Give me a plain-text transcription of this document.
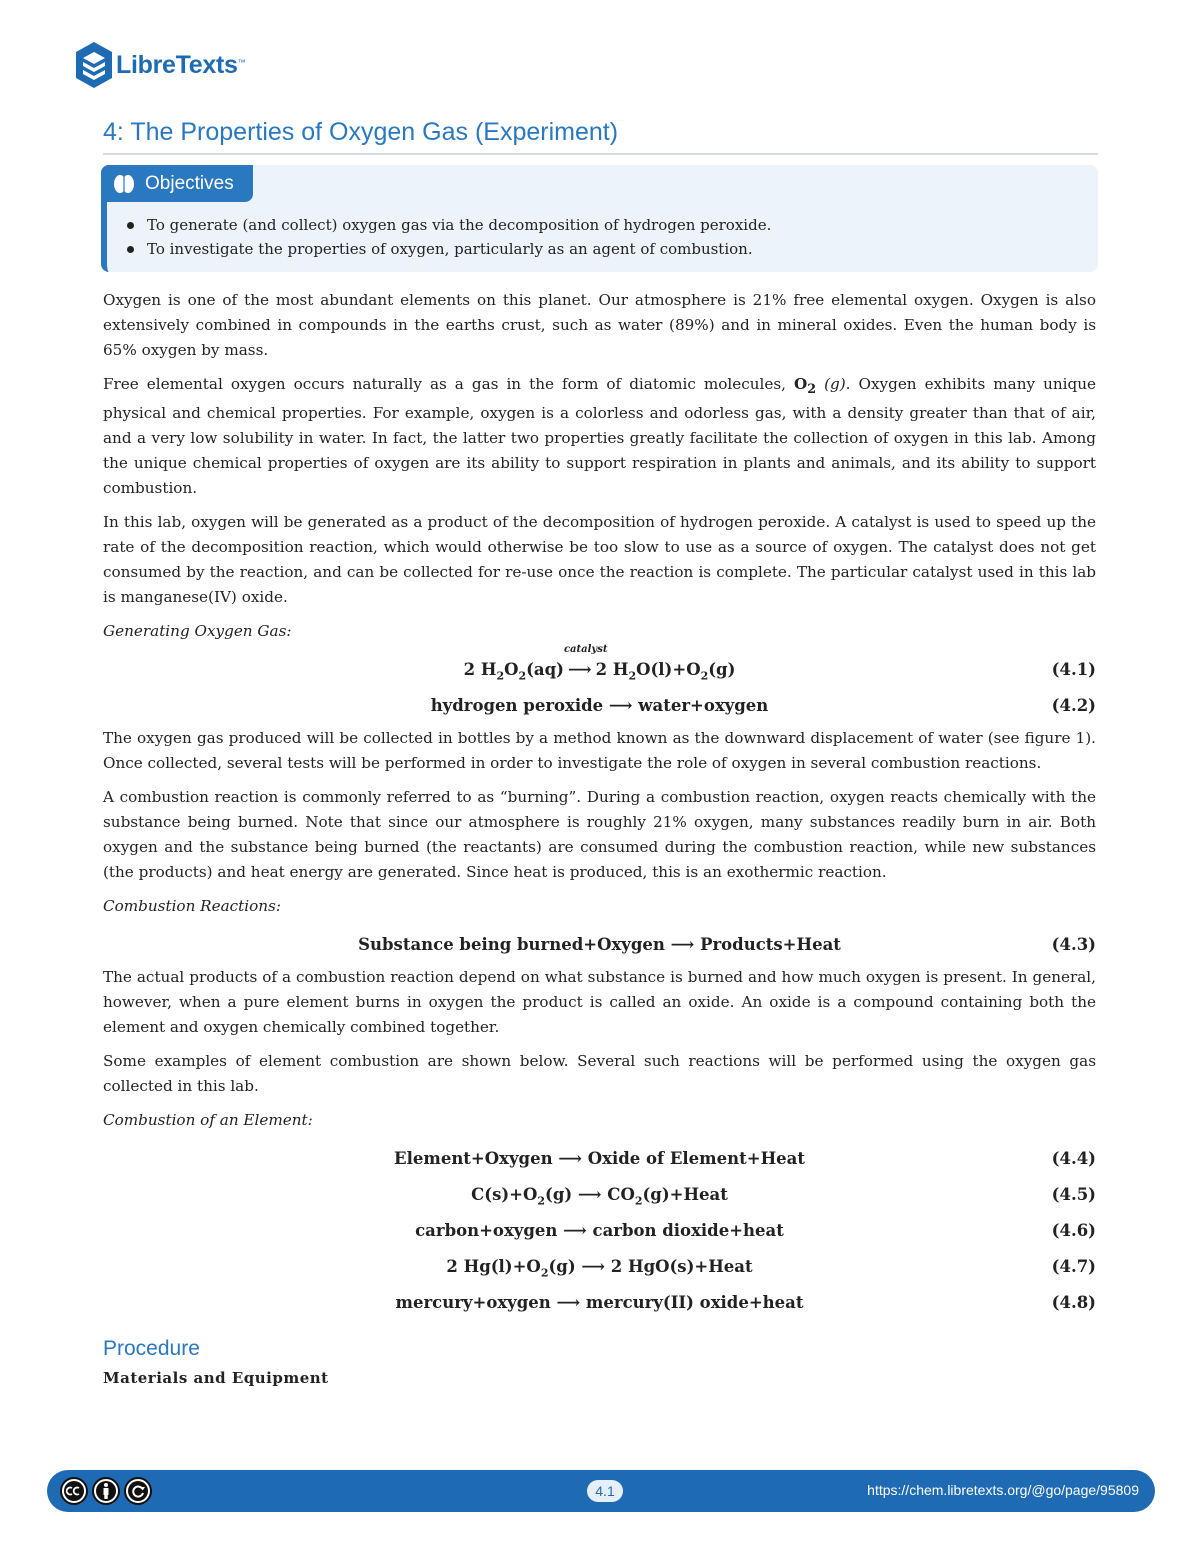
LibreTexts ™
4: The Properties of Oxygen Gas (Experiment)
Objectives
To generate (and collect) oxygen gas via the decomposition of hydrogen peroxide.
To investigate the properties of oxygen, particularly as an agent of combustion.

Oxygen is one of the most abundant elements on this planet. Our atmosphere is 21% free elemental oxygen. Oxygen is also extensively combined in compounds in the earths crust, such as water (89%) and in mineral oxides. Even the human body is 65% oxygen by mass.

Free elemental oxygen occurs naturally as a gas in the form of diatomic molecules, $O_2$ (g). Oxygen exhibits many unique physical and chemical properties. For example, oxygen is a colorless and odorless gas, with a density greater than that of air, and a very low solubility in water. In fact, the latter two properties greatly facilitate the collection of oxygen in this lab. Among the unique chemical properties of oxygen are its ability to support respiration in plants and animals, and its ability to support combustion.

In this lab, oxygen will be generated as a product of the decomposition of hydrogen peroxide. A catalyst is used to speed up the rate of the decomposition reaction, which would otherwise be too slow to use as a source of oxygen. The catalyst does not get consumed by the reaction, and can be collected for re-use once the reaction is complete. The particular catalyst used in this lab is manganese(IV) oxide.

Generating Oxygen Gas:

2 $H_2O_2(aq)$
catalyst
⟶ 2 $H_2O(l)+O_2(g)$	(4.1)
hydrogen peroxide ⟶ water+oxygen	(4.2)

The oxygen gas produced will be collected in bottles by a method known as the downward displacement of water (see figure 1). Once collected, several tests will be performed in order to investigate the role of oxygen in several combustion reactions.

A combustion reaction is commonly referred to as “burning”. During a combustion reaction, oxygen reacts chemically with the substance being burned. Note that since our atmosphere is roughly 21% oxygen, many substances readily burn in air. Both oxygen and the substance being burned (the reactants) are consumed during the combustion reaction, while new substances (the products) and heat energy are generated. Since heat is produced, this is an exothermic reaction.

Combustion Reactions:

Substance being burned+Oxygen ⟶ Products+Heat	(4.3)

The actual products of a combustion reaction depend on what substance is burned and how much oxygen is present. In general, however, when a pure element burns in oxygen the product is called an oxide. An oxide is a compound containing both the element and oxygen chemically combined together.

Some examples of element combustion are shown below. Several such reactions will be performed using the oxygen gas collected in this lab.

Combustion of an Element:

Element+Oxygen ⟶ Oxide of Element+Heat	(4.4)
$C(s)+O_2(g)$ ⟶ $CO_2(g)+Heat$	(4.5)
carbon+oxygen ⟶ carbon dioxide+heat	(4.6)
2 $Hg(l)+O_2(g)$ ⟶ 2 HgO(s)+Heat	(4.7)
mercury+oxygen ⟶ mercury(II) oxide+heat	(4.8)
Procedure
Materials and Equipment
4.1	https://chem.libretexts.org/@go/page/95809
